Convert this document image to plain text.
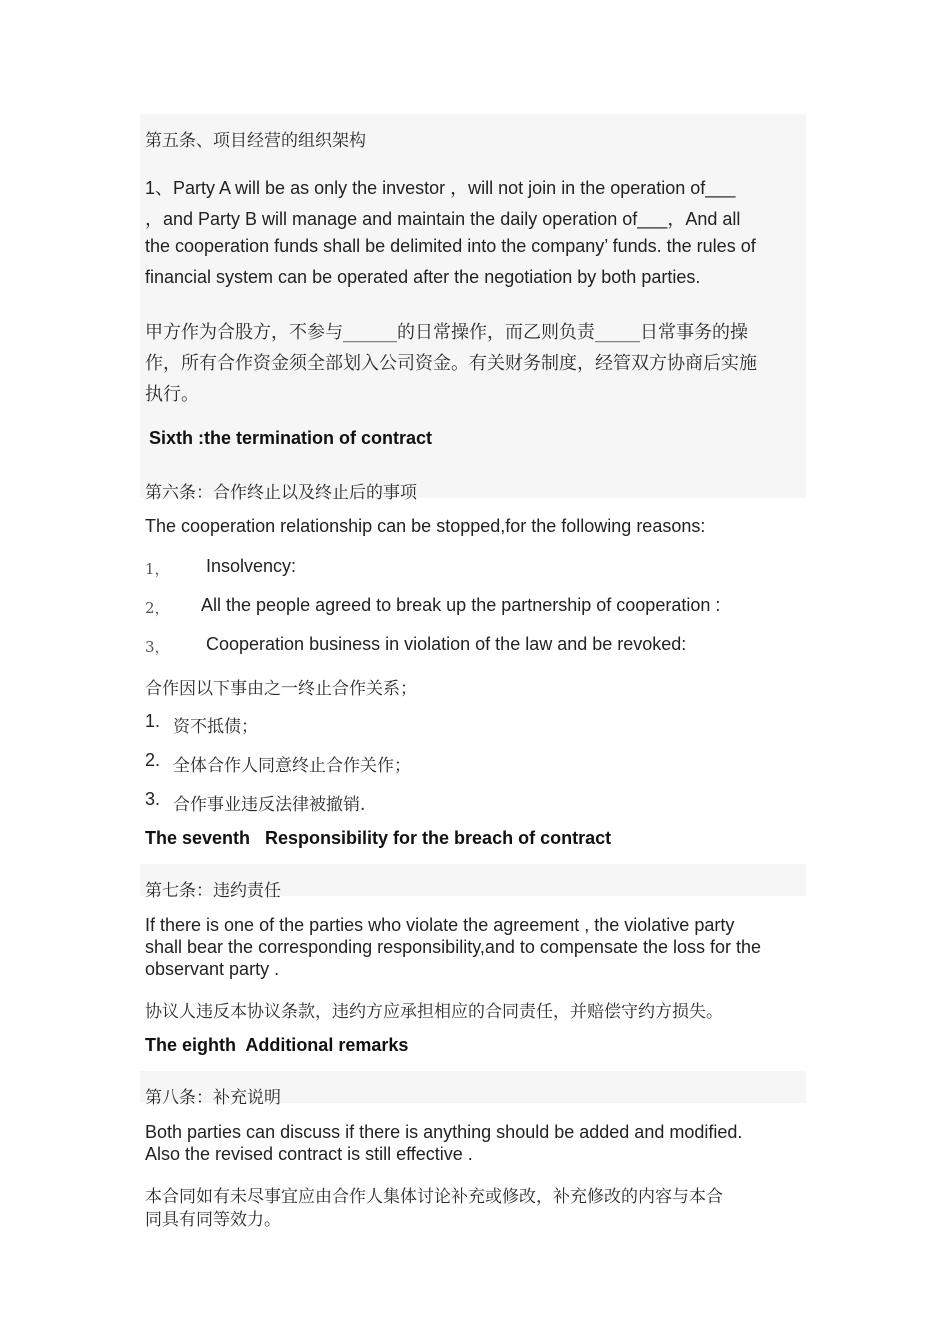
第五条、项目经营的组织架构

1、Party A will be as only the investor ，will not join in the operation of___

，and Party B will manage and maintain the daily operation of___，And all

the cooperation funds shall be delimited into the company’ funds. the rules of

financial system can be operated after the negotiation by both parties.

甲方作为合股方，不参与______的日常操作，而乙则负责_____日常事务的操

作，所有合作资金须全部划入公司资金。有关财务制度，经管双方协商后实施

执行。

Sixth :the termination of contract

第六条：合作终止以及终止后的事项

The cooperation relationship can be stopped,for the following reasons:

1， Insolvency:
2， All the people agreed to break up the partnership of cooperation :
3， Cooperation business in violation of the law and be revoked:

合作因以下事由之一终止合作关系；

1. 资不抵债；
2. 全体合作人同意终止合作关作；
3. 合作事业违反法律被撤销.

The seventh   Responsibility for the breach of contract

第七条：违约责任

If there is one of the parties who violate the agreement , the violative party

shall bear the corresponding responsibility,and to compensate the loss for the

observant party .

协议人违反本协议条款，违约方应承担相应的合同责任，并赔偿守约方损失。

The eighth  Additional remarks

第八条：补充说明

Both parties can discuss if there is anything should be added and modified.

Also the revised contract is still effective .

本合同如有未尽事宜应由合作人集体讨论补充或修改，补充修改的内容与本合

同具有同等效力。
